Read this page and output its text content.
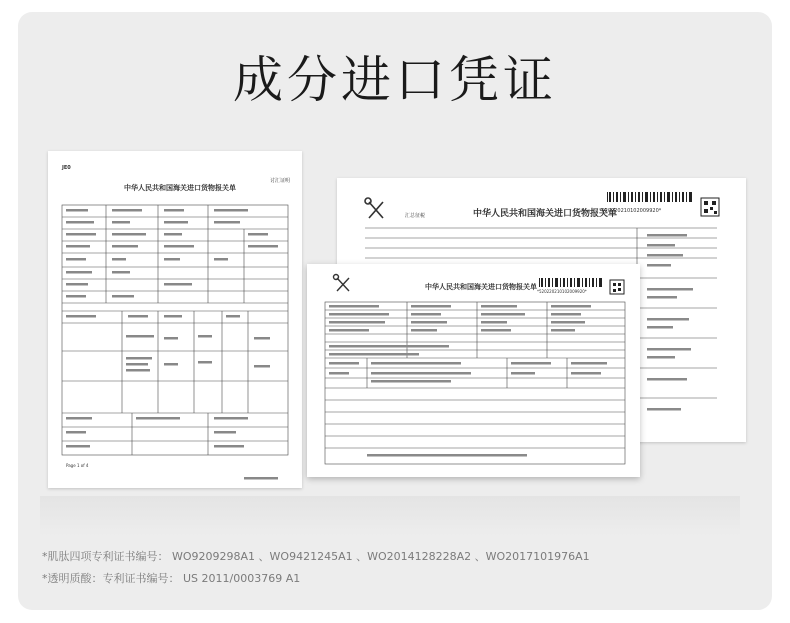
成分进口凭证
JE0
中华人民共和国海关进口货物报关单
讨汇证明
Page 1 of 4
中华人民共和国海关进口货物报关单
汇总征税
*520220210102009920*
中华人民共和国海关进口货物报关单
*520220210102009920*
*肌肽四项专利证书编号： WO9209298A1 、WO9421245A1 、WO2014128228A2 、WO2017101976A1
*透明质酸：专利证书编号： US 2011/0003769 A1
